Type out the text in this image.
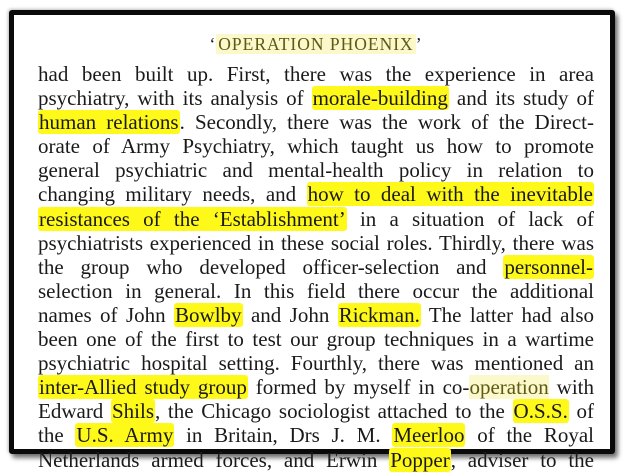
‘ OPERATION PHOENIX ’
had been built up. First, there was the experience in area
psychiatry, with its analysis of morale-building and its study of
human relations. Secondly, there was the work of the Direct-
orate of Army Psychiatry, which taught us how to promote
general psychiatric and mental-health policy in relation to
changing military needs, and how to deal with the inevitable
resistances of the ‘Establishment’ in a situation of lack of
psychiatrists experienced in these social roles. Thirdly, there was
the group who developed officer-selection and personnel-
selection in general. In this field there occur the additional
names of John Bowlby and John Rickman. The latter had also
been one of the first to test our group techniques in a wartime
psychiatric hospital setting. Fourthly, there was mentioned an
inter-Allied study group formed by myself in co-operation with
Edward Shils, the Chicago sociologist attached to the O.S.S. of
the U.S. Army in Britain, Drs J. M. Meerloo of the Royal
Netherlands armed forces, and Erwin Popper, adviser to the
